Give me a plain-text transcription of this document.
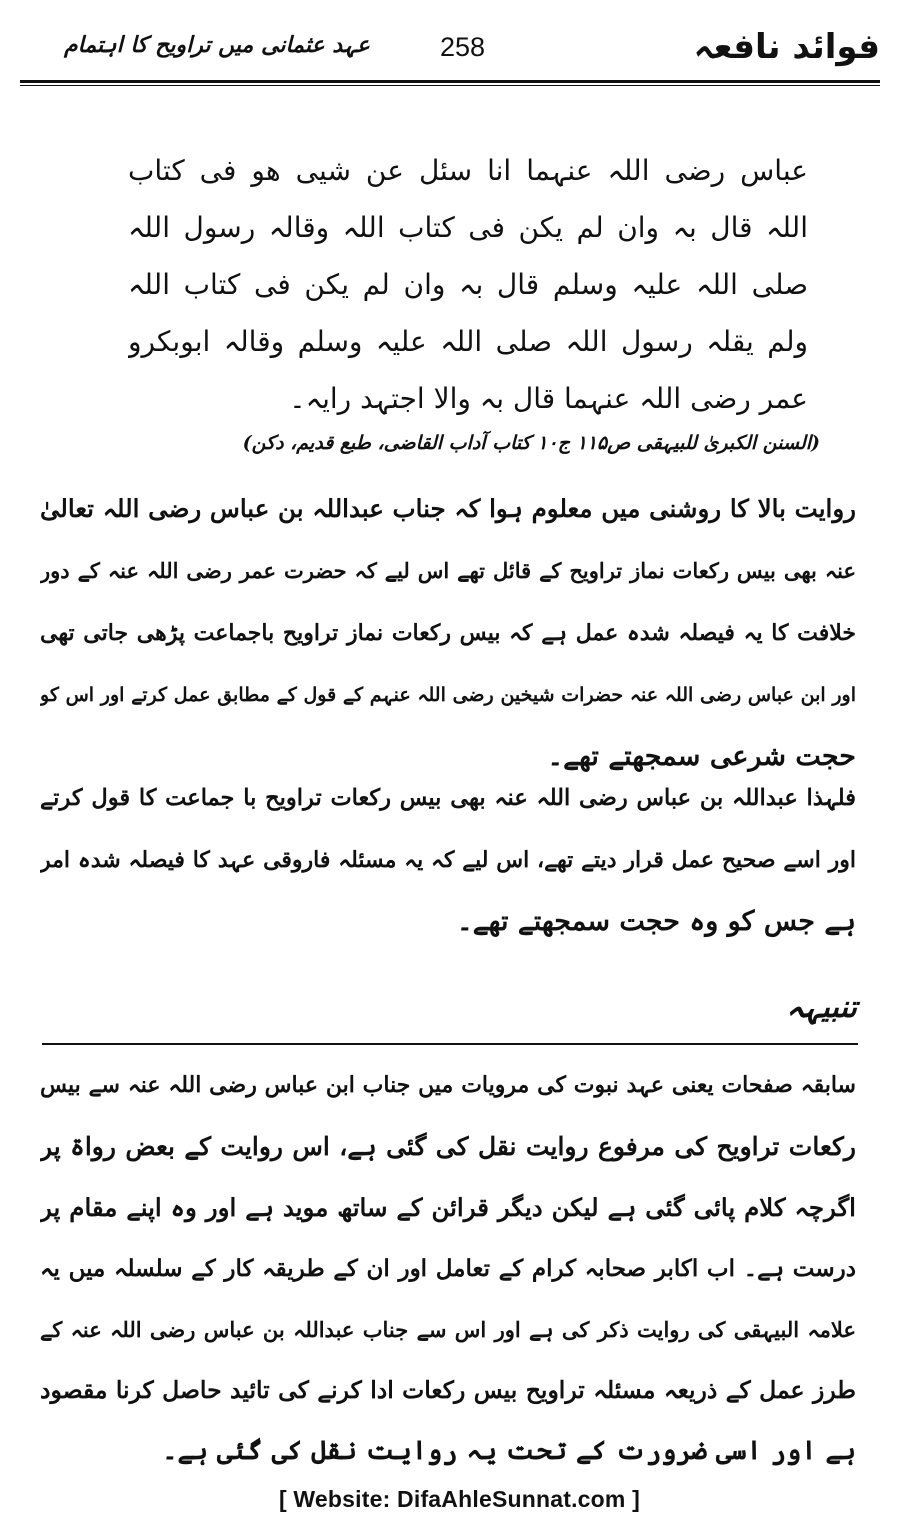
فوائد نافعہ
258
عہد عثمانی میں تراویح کا اہتمام
عباس رضی اللہ عنہما انا سئل عن شیی ھو فی کتاب
اللہ قال بہ وان لم یکن فی کتاب اللہ وقالہ رسول اللہ
صلی اللہ علیہ وسلم قال بہ وان لم یکن فی کتاب اللہ
ولم یقلہ رسول اللہ صلی اللہ علیہ وسلم وقالہ ابوبکرو
عمر رضی اللہ عنہما قال بہ والا اجتہد رایہ۔
(السنن الکبریٰ للبیہقی ص۱۱۵ ج۱۰ کتاب آداب القاضی، طبع قدیم، دکن)
روایت بالا کا روشنی میں معلوم ہوا کہ جناب عبداللہ بن عباس رضی اللہ تعالیٰ
عنہ بھی بیس رکعات نماز تراویح کے قائل تھے اس لیے کہ حضرت عمر رضی اللہ عنہ کے دور
خلافت کا یہ فیصلہ شدہ عمل ہے کہ بیس رکعات نماز تراویح باجماعت پڑھی جاتی تھی
اور ابن عباس رضی اللہ عنہ حضرات شیخین رضی اللہ عنہم کے قول کے مطابق عمل کرتے اور اس کو
حجت شرعی سمجھتے تھے۔
فلہذا عبداللہ بن عباس رضی اللہ عنہ بھی بیس رکعات تراویح با جماعت کا قول کرتے
اور اسے صحیح عمل قرار دیتے تھے، اس لیے کہ یہ مسئلہ فاروقی عہد کا فیصلہ شدہ امر
ہے جس کو وہ حجت سمجھتے تھے۔
تنبیہہ
سابقہ صفحات یعنی عہد نبوت کی مرویات میں جناب ابن عباس رضی اللہ عنہ سے بیس
رکعات تراویح کی مرفوع روایت نقل کی گئی ہے، اس روایت کے بعض رواۃ پر
اگرچہ کلام پائی گئی ہے لیکن دیگر قرائن کے ساتھ موید ہے اور وہ اپنے مقام پر
درست ہے۔ اب اکابر صحابہ کرام کے تعامل اور ان کے طریقہ کار کے سلسلہ میں یہ
علامہ البیہقی کی روایت ذکر کی ہے اور اس سے جناب عبداللہ بن عباس رضی اللہ عنہ کے
طرز عمل کے ذریعہ مسئلہ تراویح بیس رکعات ادا کرنے کی تائید حاصل کرنا مقصود
ہے اور اسی ضرورت کے تحت یہ روایت نقل کی گئی ہے۔
[ Website: DifaAhleSunnat.com ]
